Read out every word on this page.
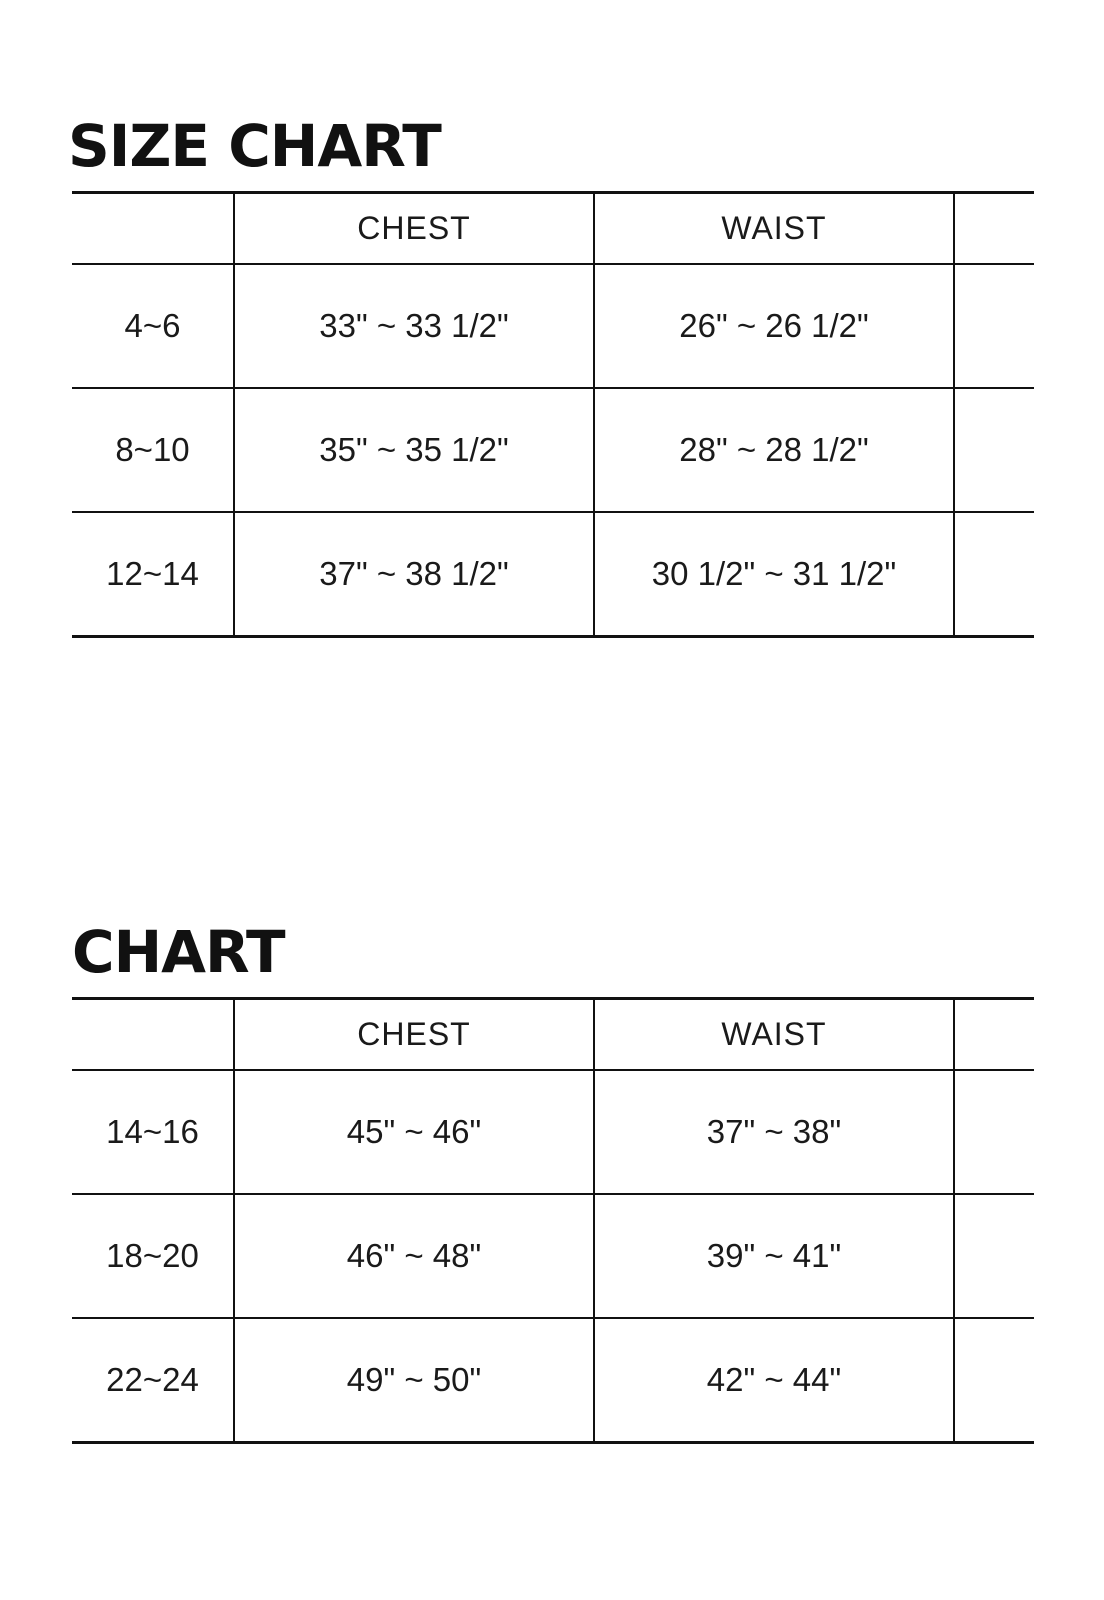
SIZE CHART
	CHEST	WAIST	
4~6	33" ~ 33 1/2"	26" ~ 26 1/2"	
8~10	35" ~ 35 1/2"	28" ~ 28 1/2"	
12~14	37" ~ 38 1/2"	30 1/2" ~ 31 1/2"	
CHART
	CHEST	WAIST	
14~16	45" ~ 46"	37" ~ 38"	
18~20	46" ~ 48"	39" ~ 41"	
22~24	49" ~ 50"	42" ~ 44"	
